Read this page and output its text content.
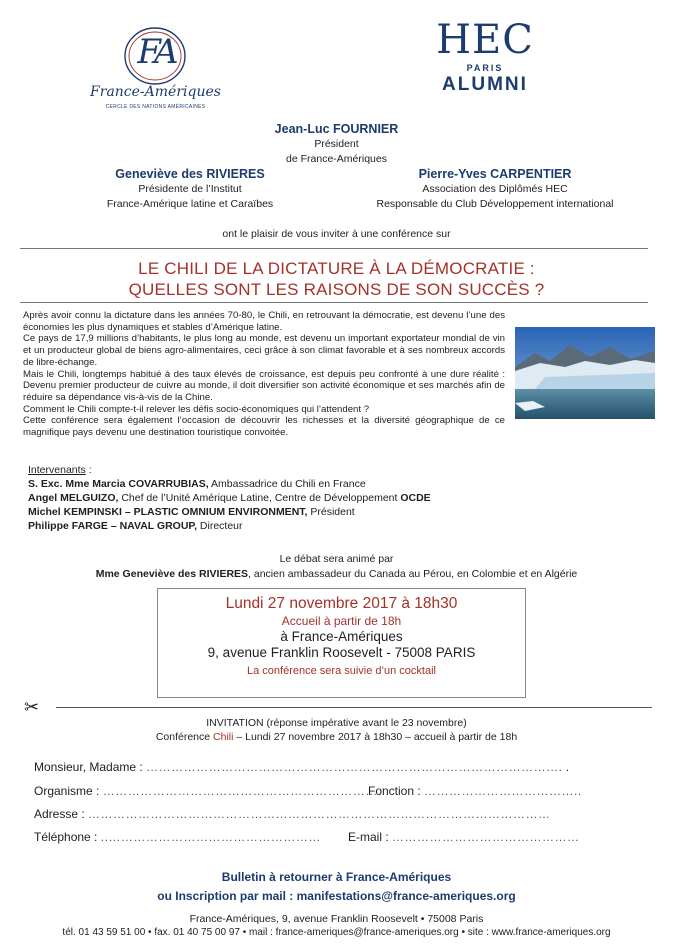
FA
France-Amériques
CERCLE DES NATIONS AMÉRICAINES
HEC
PARIS
ALUMNI
Jean-Luc FOURNIER
Président
de France-Amériques
Geneviève des RIVIERES
Présidente de l’Institut
France-Amérique latine et Caraïbes
Pierre-Yves CARPENTIER
Association des Diplômés HEC
Responsable du Club Développement international
ont le plaisir de vous inviter à une conférence sur
LE CHILI DE LA DICTATURE À LA DÉMOCRATIE :
QUELLES SONT LES RAISONS DE SON SUCCÈS ?

Après avoir connu la dictature dans les années 70-80, le Chili, en retrouvant la démocratie, est devenu l’une des économies les plus dynamiques et stables d’Amérique latine.

Ce pays de 17,9 millions d’habitants, le plus long au monde, est devenu un important exportateur mondial de vin et un producteur global de biens agro-alimentaires, ceci grâce à son climat favorable et à ses nombreux accords de libre-échange.

Mais le Chili, longtemps habitué à des taux élevés de croissance, est depuis peu confronté à une dure réalité : Devenu premier producteur de cuivre au monde, il doit diversifier son activité économique et ses marchés afin de réduire sa dépendance vis-à-vis de la Chine.

Comment le Chili compte-t-il relever les défis socio-économiques qui l’attendent ?

Cette conférence sera également l’occasion de découvrir les richesses et la diversité géographique de ce magnifique pays devenu une destination touristique convoitée.

Intervenants :
S. Exc. Mme Marcia COVARRUBIAS, Ambassadrice du Chili en France
Angel MELGUIZO, Chef de l’Unité Amérique Latine, Centre de Développement OCDE
Michel KEMPINSKI – PLASTIC OMNIUM ENVIRONMENT, Président
Philippe FARGE – NAVAL GROUP, Directeur
Le débat sera animé par
Mme Geneviève des RIVIERES, ancien ambassadeur du Canada au Pérou, en Colombie et en Algérie
Lundi 27 novembre 2017 à 18h30
Accueil à partir de 18h
à France-Amériques
9, avenue Franklin Roosevelt - 75008 PARIS
La conférence sera suivie d’un cocktail
✂
INVITATION (réponse impérative avant le 23 novembre)
Conférence Chili – Lundi 27 novembre 2017 à 18h30 – accueil à partir de 18h
Monsieur, Madame : ………………………………………………………………………………………. .
Organisme : …………………………………………………………
Fonction : ………………………………..
Adresse : …………………………………………………………………………………………………
Téléphone : ..…………………………………………… E-mail : ………………………………………
Bulletin à retourner à France-Amériques
ou Inscription par mail : manifestations@france-ameriques.org
France-Amériques, 9, avenue Franklin Roosevelt • 75008 Paris
tél. 01 43 59 51 00 • fax. 01 40 75 00 97 • mail : france-ameriques@france-ameriques.org • site : www.france-ameriques.org
